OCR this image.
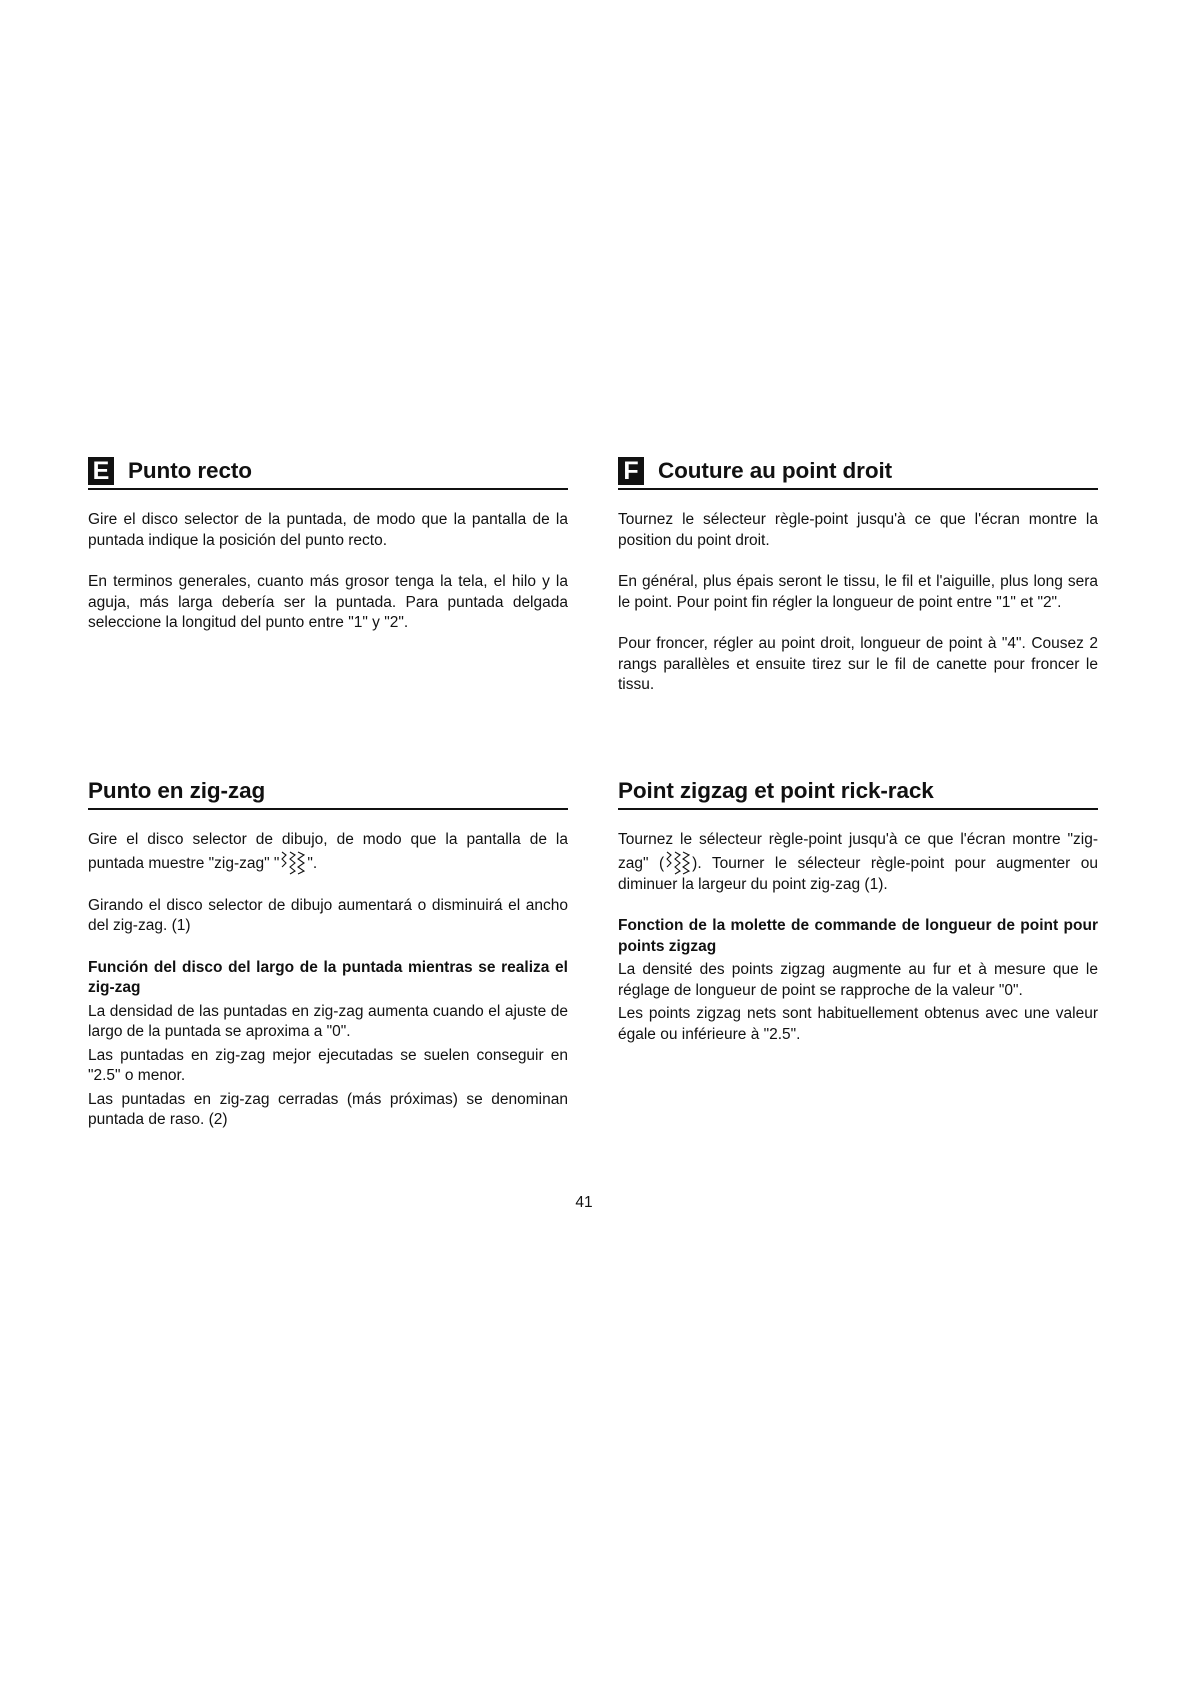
E Punto recto

Gire el disco selector de la puntada, de modo que la pantalla de la puntada indique la posición del punto recto.

En terminos generales, cuanto más grosor tenga la tela, el hilo y la aguja, más larga debería ser la puntada. Para puntada delgada seleccione la longitud del punto entre "1" y "2".

Punto en zig-zag

Gire el disco selector de dibujo, de modo que la pantalla de la puntada muestre "zig-zag" " ".

Girando el disco selector de dibujo aumentará o disminuirá el ancho del zig-zag. (1)

Función del disco del largo de la puntada mientras se realiza el zig-zag

La densidad de las puntadas en zig-zag aumenta cuando el ajuste de largo de la puntada se aproxima a "0".

Las puntadas en zig-zag mejor ejecutadas se suelen conseguir en "2.5" o menor.

Las puntadas en zig-zag cerradas (más próximas) se denominan puntada de raso. (2)

F Couture au point droit

Tournez le sélecteur règle-point jusqu'à ce que l'écran montre la position du point droit.

En général, plus épais seront le tissu, le fil et l'aiguille, plus long sera le point. Pour point fin régler la longueur de point entre "1" et "2".

Pour froncer, régler au point droit, longueur de point à "4". Cousez 2 rangs parallèles et ensuite tirez sur le fil de canette pour froncer le tissu.

Point zigzag et point rick-rack

Tournez le sélecteur règle-point jusqu'à ce que l'écran montre "zig-zag" ( ). Tourner le sélecteur règle-point pour augmenter ou diminuer la largeur du point zig-zag (1).

Fonction de la molette de commande de longueur de point pour points zigzag

La densité des points zigzag augmente au fur et à mesure que le réglage de longueur de point se rapproche de la valeur "0".

Les points zigzag nets sont habituellement obtenus avec une valeur égale ou inférieure à "2.5".

41
